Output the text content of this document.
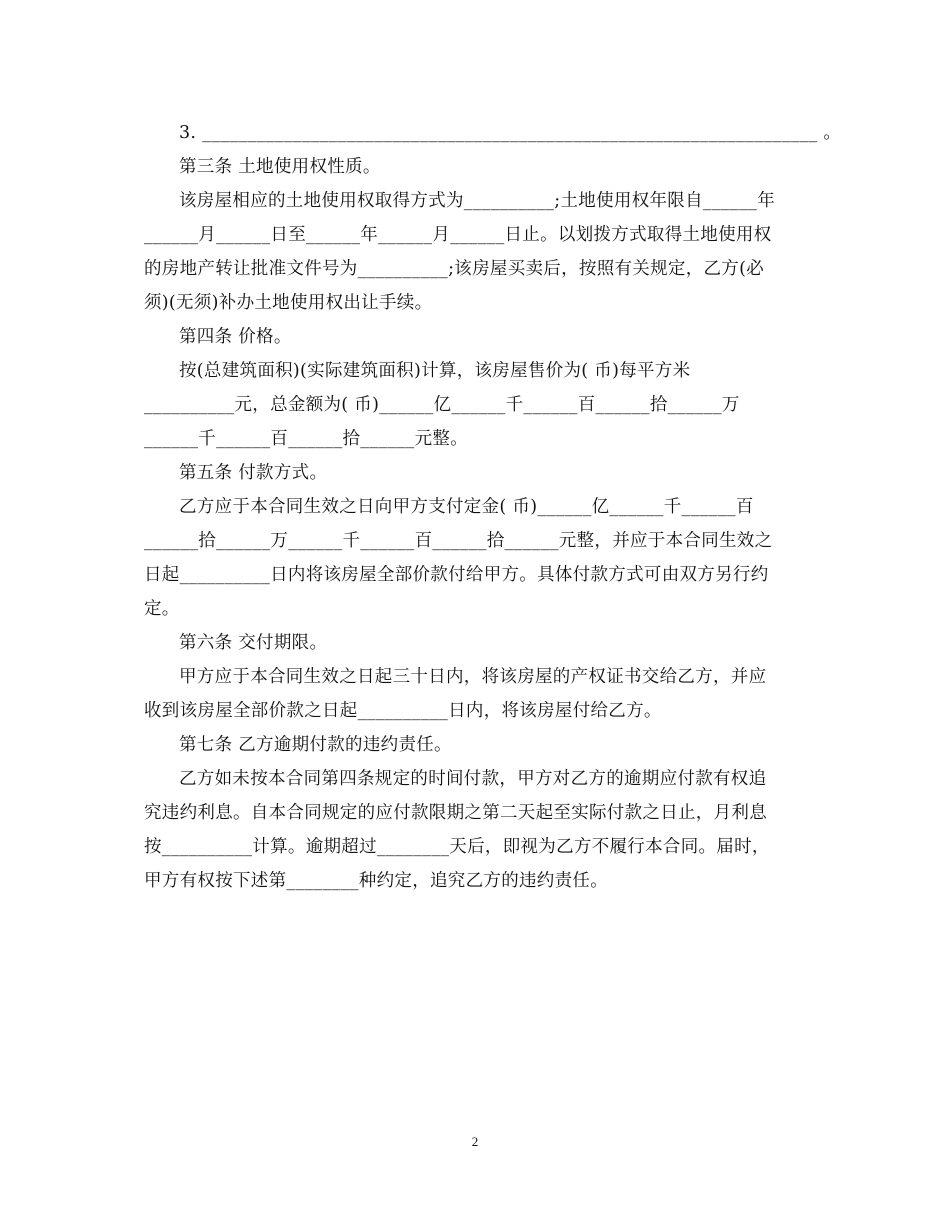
3. ____________________________________________________________________ 。
第三条 土地使用权性质。
该房屋相应的土地使用权取得方式为__________;土地使用权年限自______年
______月______日至______年______月______日止。以划拨方式取得土地使用权
的房地产转让批准文件号为__________;该房屋买卖后，按照有关规定，乙方(必
须)(无须)补办土地使用权出让手续。
第四条 价格。
按(总建筑面积)(实际建筑面积)计算，该房屋售价为( 币)每平方米
__________元，总金额为( 币)______亿______千______百______拾______万
______千______百______拾______元整。
第五条 付款方式。
乙方应于本合同生效之日向甲方支付定金( 币)______亿______千______百
______拾______万______千______百______拾______元整，并应于本合同生效之
日起__________日内将该房屋全部价款付给甲方。具体付款方式可由双方另行约
定。
第六条 交付期限。
甲方应于本合同生效之日起三十日内，将该房屋的产权证书交给乙方，并应
收到该房屋全部价款之日起__________日内，将该房屋付给乙方。
第七条 乙方逾期付款的违约责任。
乙方如未按本合同第四条规定的时间付款，甲方对乙方的逾期应付款有权追
究违约利息。自本合同规定的应付款限期之第二天起至实际付款之日止，月利息
按__________计算。逾期超过________天后，即视为乙方不履行本合同。届时，
甲方有权按下述第________种约定，追究乙方的违约责任。
2
